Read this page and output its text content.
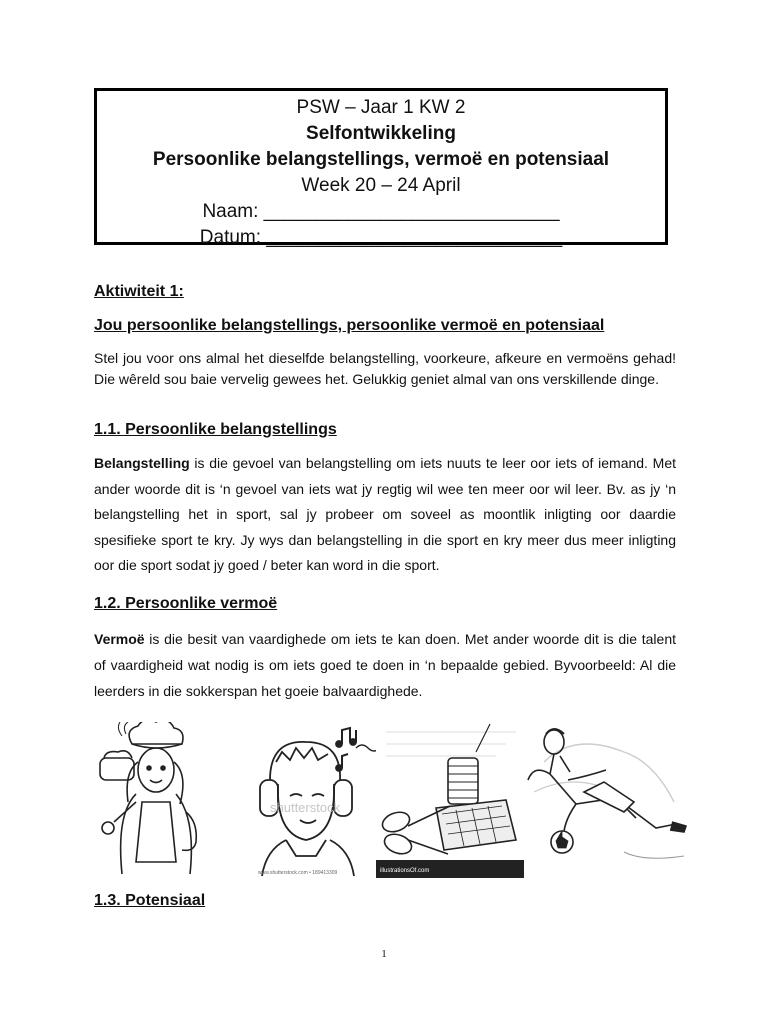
PSW – Jaar 1 KW 2
Selfontwikkeling
Persoonlike belangstellings, vermoë en potensiaal
Week 20 – 24 April
Naam: ____________________________
Datum: ____________________________
Aktiwiteit 1:
Jou persoonlike belangstellings, persoonlike vermoë en potensiaal
Stel jou voor ons almal het dieselfde belangstelling, voorkeure, afkeure en vermoëns gehad! Die wêreld sou baie vervelig gewees het. Gelukkig geniet almal van ons verskillende dinge.
1.1. Persoonlike belangstellings
Belangstelling is die gevoel van belangstelling om iets nuuts te leer oor iets of iemand. Met ander woorde dit is ‘n gevoel van iets wat jy regtig wil wee ten meer oor wil leer. Bv. as jy ‘n belangstelling het in sport, sal jy probeer om soveel as moontlik inligting oor daardie spesifieke sport te kry. Jy wys dan belangstelling in die sport en kry meer dus meer inligting oor die sport sodat jy goed / beter kan word in die sport.
1.2. Persoonlike vermoë
Vermoë is die besit van vaardighede om iets te kan doen. Met ander woorde dit is die talent of vaardigheid wat nodig is om iets goed te doen in ‘n bepaalde gebied. Byvoorbeeld: Al die leerders in die sokkerspan het goeie balvaardighede.
shutterstock
www.shutterstock.com • 189413309	illustrationsOf.com
1.3. Potensiaal
1
